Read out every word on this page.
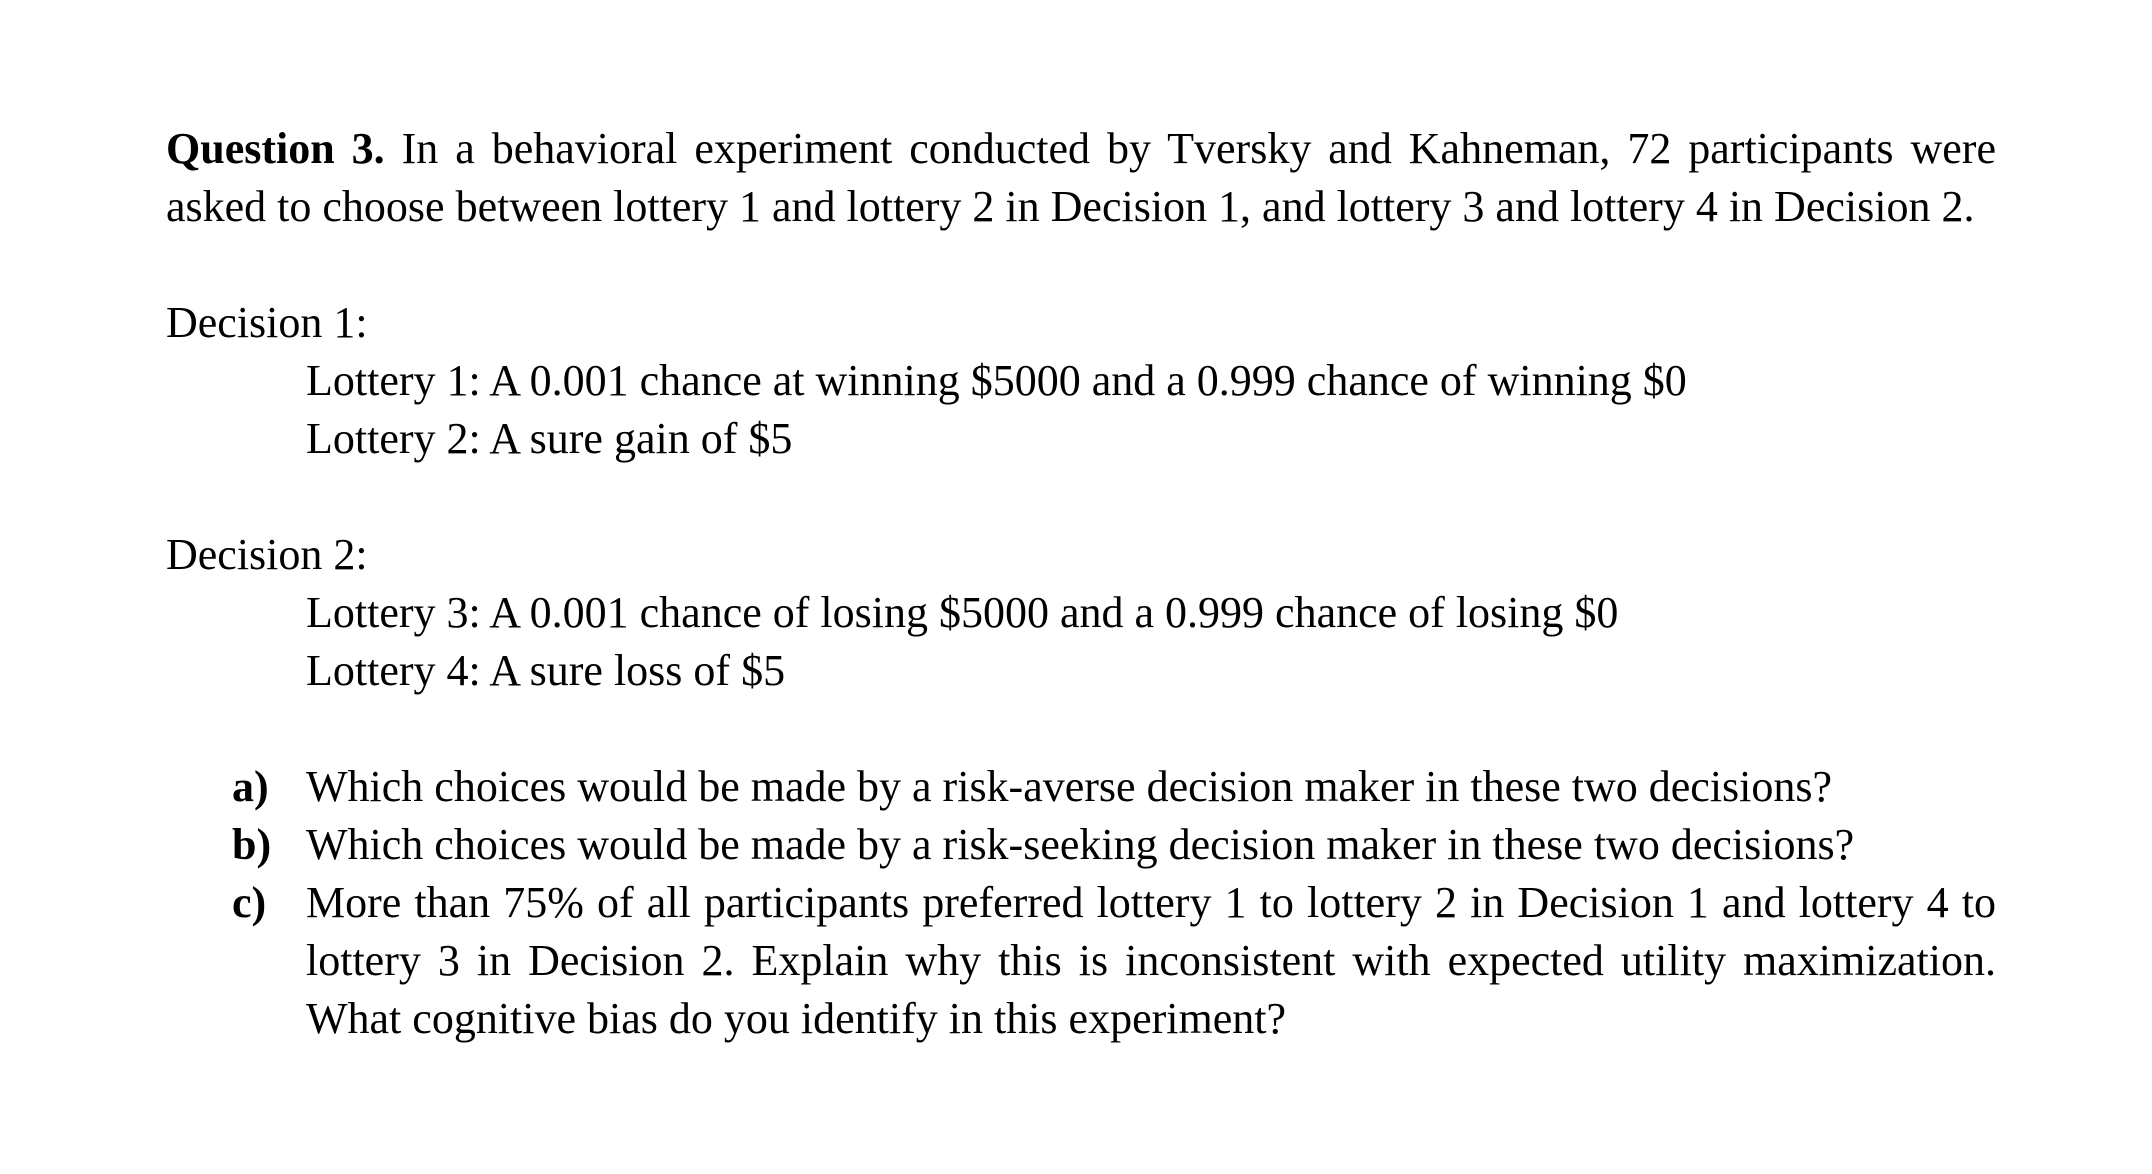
Question 3. In a behavioral experiment conducted by Tversky and Kahneman, 72 participants were asked to choose between lottery 1 and lottery 2 in Decision 1, and lottery 3 and lottery 4 in Decision 2.

Decision 1:

Lottery 1: A 0.001 chance at winning $5000 and a 0.999 chance of winning $0

Lottery 2: A sure gain of $5

Decision 2:

Lottery 3: A 0.001 chance of losing $5000 and a 0.999 chance of losing $0

Lottery 4: A sure loss of $5

a) Which choices would be made by a risk-averse decision maker in these two decisions?

b) Which choices would be made by a risk-seeking decision maker in these two decisions?

c) More than 75% of all participants preferred lottery 1 to lottery 2 in Decision 1 and lottery 4 to lottery 3 in Decision 2. Explain why this is inconsistent with expected utility maximization. What cognitive bias do you identify in this experiment?
